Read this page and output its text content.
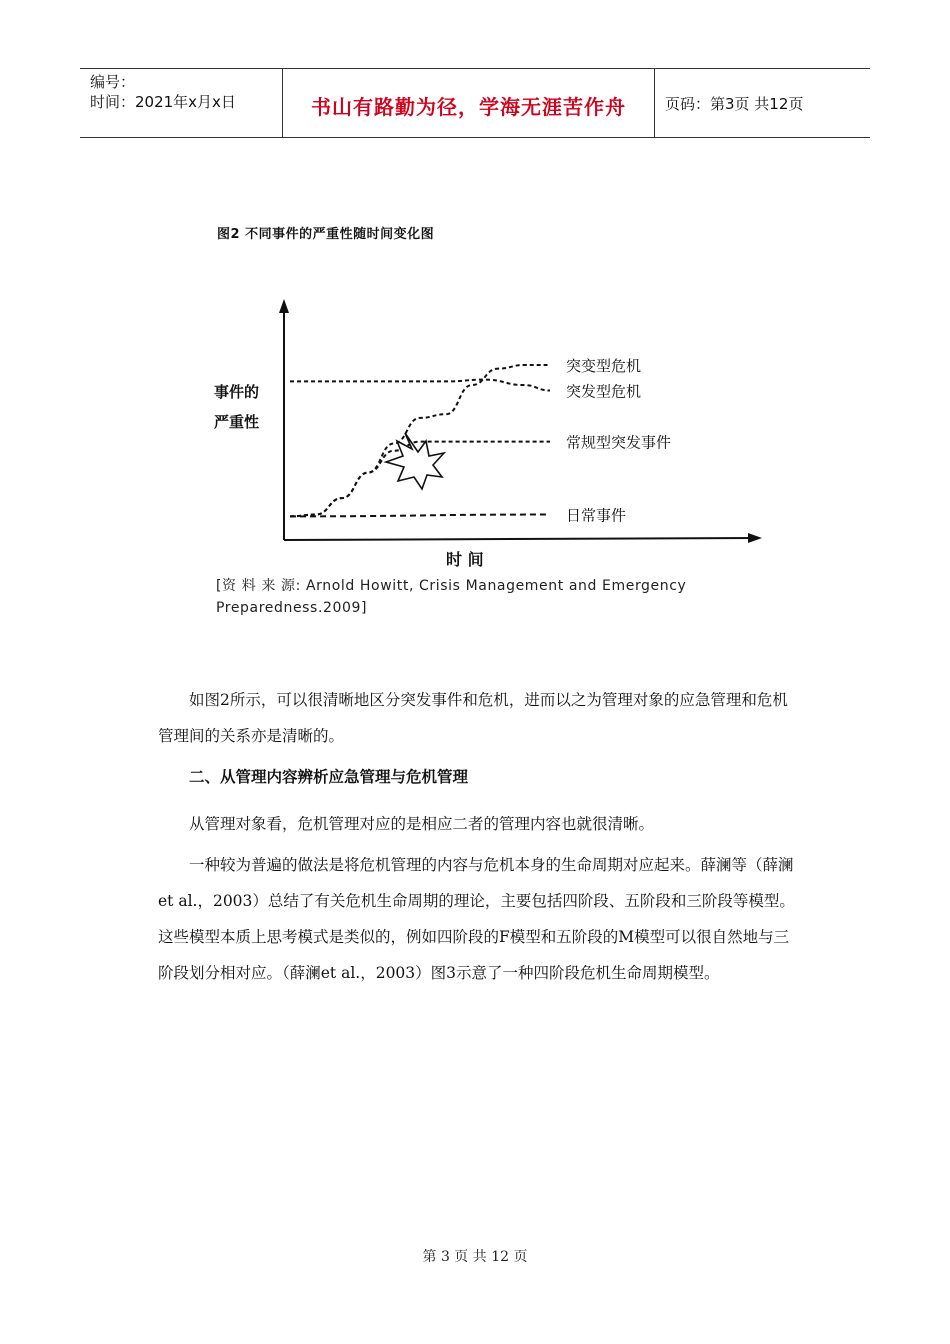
编号：
时间：2021年x月x日	书山有路勤为径，学海无涯苦作舟	页码：第3页 共12页
图2 不同事件的严重性随时间变化图
事件的
严重性
时 间
突变型危机
突发型危机
常规型突发事件
日常事件
[资 料 来 源: Arnold Howitt, Crisis Management and Emergency Preparedness.2009]
如图2所示，可以很清晰地区分突发事件和危机，进而以之为管理对象的应急管理和危机管理间的关系亦是清晰的。
二、从管理内容辨析应急管理与危机管理
从管理对象看，危机管理对应的是相应二者的管理内容也就很清晰。
一种较为普遍的做法是将危机管理的内容与危机本身的生命周期对应起来。薛澜等（薛澜et al.，2003）总结了有关危机生命周期的理论，主要包括四阶段、五阶段和三阶段等模型。这些模型本质上思考模式是类似的，例如四阶段的F模型和五阶段的M模型可以很自然地与三阶段划分相对应。（薛澜et al.，2003）图3示意了一种四阶段危机生命周期模型。
第 3 页 共 12 页
